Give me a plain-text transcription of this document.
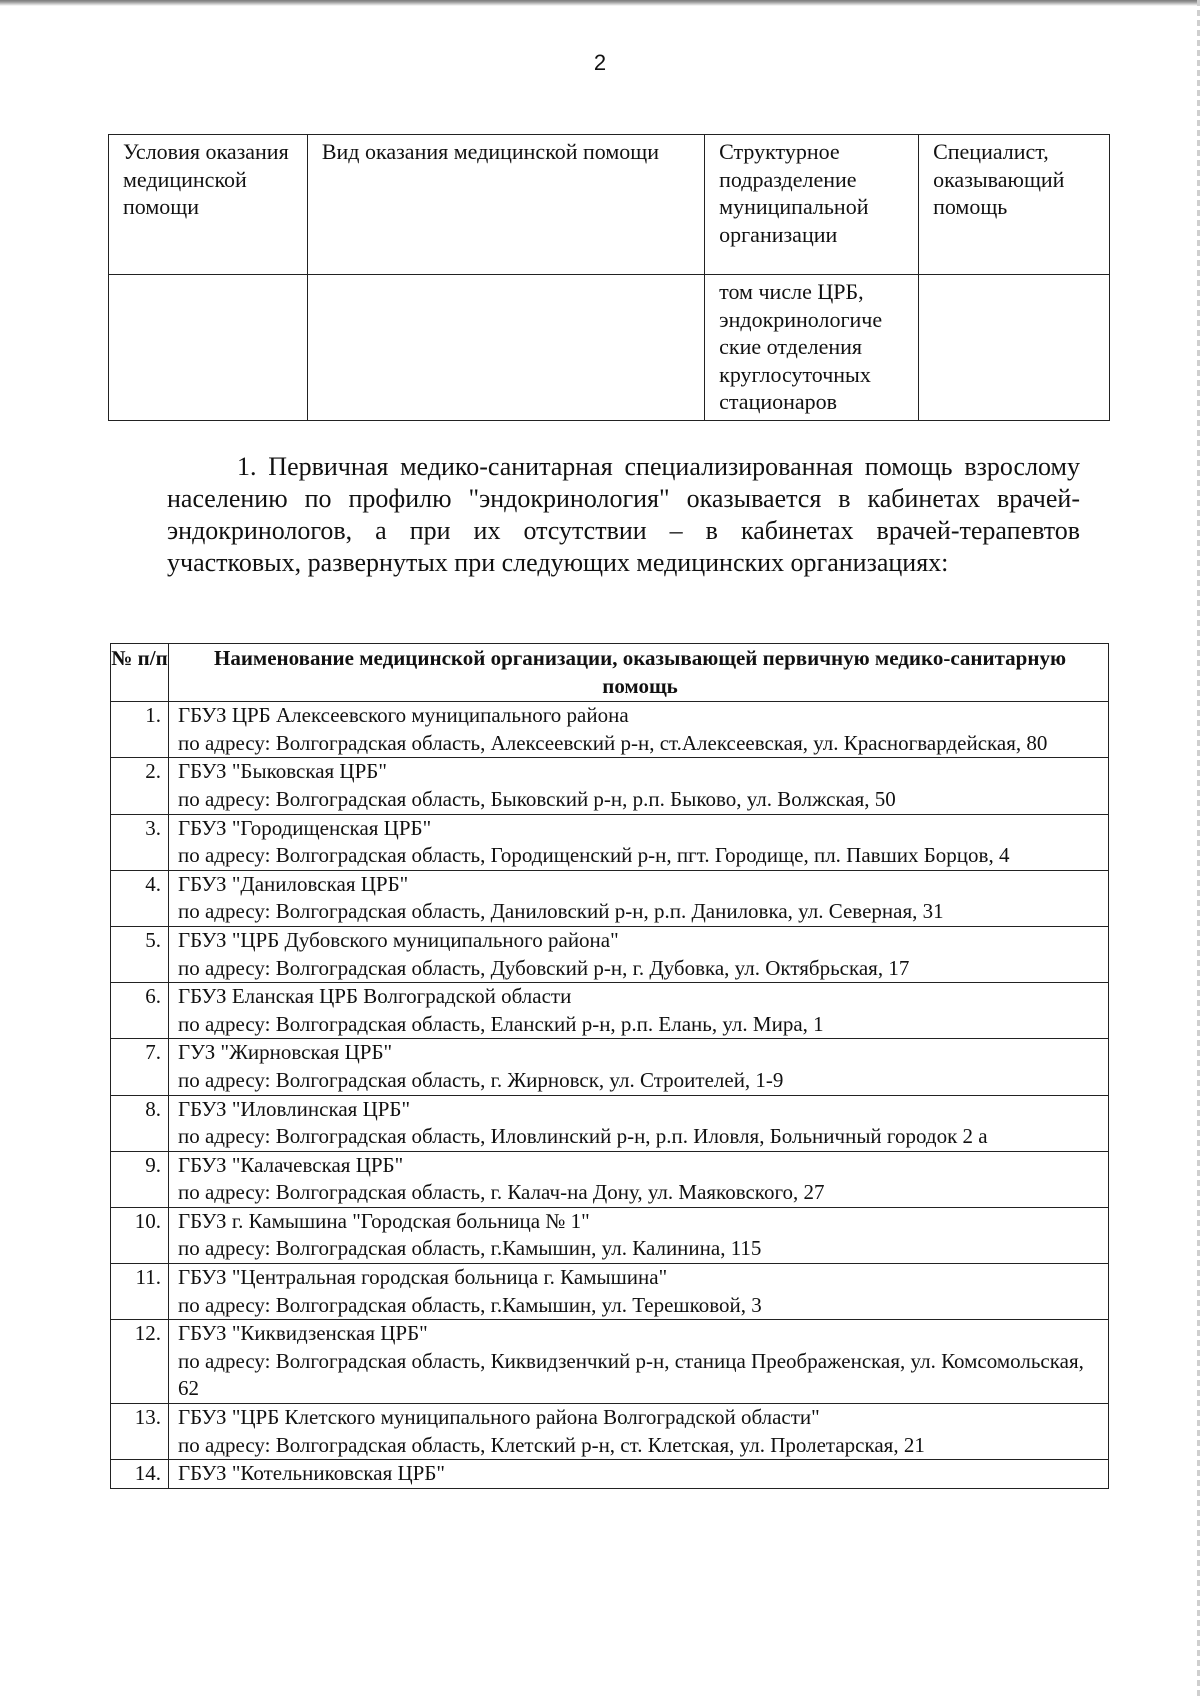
2
Условия оказания медицинской помощи	Вид оказания медицинской помощи	Структурное подразделение муниципальной организации	Специалист, оказывающий помощь
		том числе ЦРБ, эндокринологиче ские отделения круглосуточных стационаров	
1. Первичная медико-санитарная специализированная помощь взрослому населению по профилю "эндокринология" оказывается в кабинетах врачей-эндокринологов, а при их отсутствии – в кабинетах врачей-терапевтов участковых, развернутых при следующих медицинских организациях:
№ п/п	Наименование медицинской организации, оказывающей первичную медико-санитарную помощь
1.	ГБУЗ ЦРБ Алексеевского муниципального района
по адресу: Волгоградская область, Алексеевский р-н, ст.Алексеевская, ул. Красногвардейская, 80

2.	ГБУЗ "Быковская ЦРБ"
по адресу: Волгоградская область, Быковский р-н, р.п. Быково, ул. Волжская, 50

3.	ГБУЗ "Городищенская ЦРБ"
по адресу: Волгоградская область, Городищенский р-н, пгт. Городище, пл. Павших Борцов, 4

4.	ГБУЗ "Даниловская ЦРБ"
по адресу: Волгоградская область, Даниловский р-н, р.п. Даниловка, ул. Северная, 31

5.	ГБУЗ "ЦРБ Дубовского муниципального района"
по адресу: Волгоградская область, Дубовский р-н, г. Дубовка, ул. Октябрьская, 17

6.	ГБУЗ Еланская ЦРБ Волгоградской области
по адресу: Волгоградская область, Еланский р-н, р.п. Елань, ул. Мира, 1

7.	ГУЗ "Жирновская ЦРБ"
по адресу: Волгоградская область, г. Жирновск, ул. Строителей, 1-9

8.	ГБУЗ "Иловлинская ЦРБ"
по адресу: Волгоградская область, Иловлинский р-н, р.п. Иловля, Больничный городок 2 а

9.	ГБУЗ "Калачевская ЦРБ"
по адресу: Волгоградская область, г. Калач-на Дону, ул. Маяковского, 27

10.	ГБУЗ г. Камышина "Городская больница № 1"
по адресу: Волгоградская область, г.Камышин, ул. Калинина, 115

11.	ГБУЗ "Центральная городская больница г. Камышина"
по адресу: Волгоградская область, г.Камышин, ул. Терешковой, 3

12.	ГБУЗ "Киквидзенская ЦРБ"
по адресу: Волгоградская область, Киквидзенчкий р-н, станица Преображенская, ул. Комсомольская, 62

13.	ГБУЗ "ЦРБ Клетского муниципального района Волгоградской области"
по адресу: Волгоградская область, Клетский р-н, ст. Клетская, ул. Пролетарская, 21

14.	ГБУЗ "Котельниковская ЦРБ"
